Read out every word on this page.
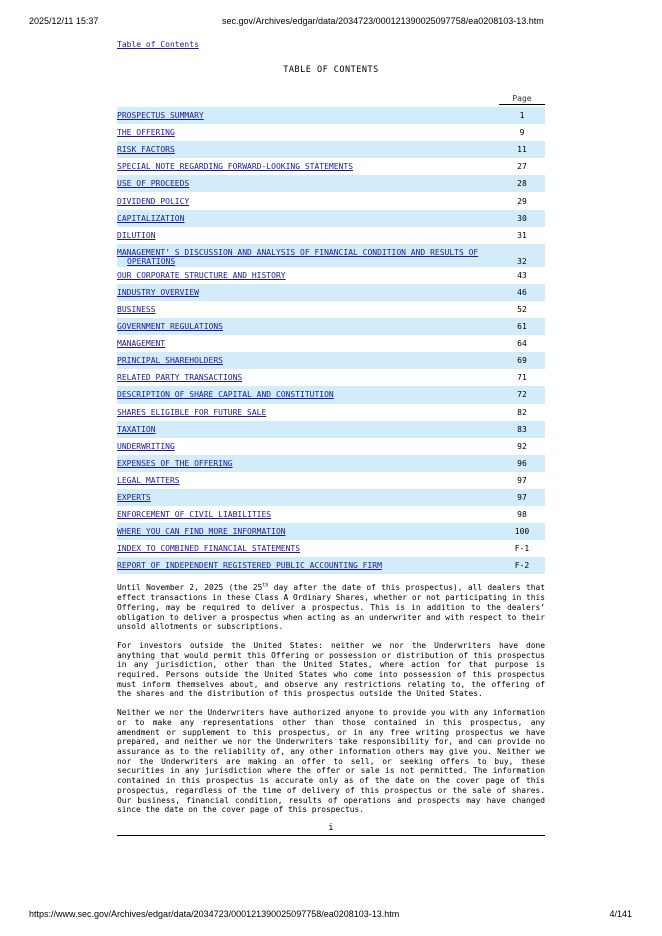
2025/12/11 15:37	sec.gov/Archives/edgar/data/2034723/000121390025097758/ea0208103-13.htm
Table of Contents
TABLE OF CONTENTS
	Page

PROSPECTUS SUMMARY	1
THE OFFERING	9
RISK FACTORS	11
SPECIAL NOTE REGARDING FORWARD-LOOKING STATEMENTS	27
USE OF PROCEEDS	28
DIVIDEND POLICY	29
CAPITALIZATION	30
DILUTION	31
MANAGEMENT’ S DISCUSSION AND ANALYSIS OF FINANCIAL CONDITION AND RESULTS OF
OPERATIONS	32
OUR CORPORATE STRUCTURE AND HISTORY	43
INDUSTRY OVERVIEW	46
BUSINESS	52
GOVERNMENT REGULATIONS	61
MANAGEMENT	64
PRINCIPAL SHAREHOLDERS	69
RELATED PARTY TRANSACTIONS	71
DESCRIPTION OF SHARE CAPITAL AND CONSTITUTION	72
SHARES ELIGIBLE FOR FUTURE SALE	82
TAXATION	83
UNDERWRITING	92
EXPENSES OF THE OFFERING	96
LEGAL MATTERS	97
EXPERTS	97
ENFORCEMENT OF CIVIL LIABILITIES	98
WHERE YOU CAN FIND MORE INFORMATION	100
INDEX TO COMBINED FINANCIAL STATEMENTS	F-1
REPORT OF INDEPENDENT REGISTERED PUBLIC ACCOUNTING FIRM	F-2

Until November 2, 2025 (the 25th day after the date of this prospectus), all dealers that effect transactions in these Class A Ordinary Shares, whether or not participating in this Offering, may be required to deliver a prospectus. This is in addition to the dealers’ obligation to deliver a prospectus when acting as an underwriter and with respect to their unsold allotments or subscriptions.

For investors outside the United States: neither we nor the Underwriters have done anything that would permit this Offering or possession or distribution of this prospectus in any jurisdiction, other than the United States, where action for that purpose is required. Persons outside the United States who come into possession of this prospectus must inform themselves about, and observe any restrictions relating to, the offering of the shares and the distribution of this prospectus outside the United States.

Neither we nor the Underwriters have authorized anyone to provide you with any information or to make any representations other than those contained in this prospectus, any amendment or supplement to this prospectus, or in any free writing prospectus we have prepared, and neither we nor the Underwriters take responsibility for, and can provide no assurance as to the reliability of, any other information others may give you. Neither we nor the Underwriters are making an offer to sell, or seeking offers to buy, these securities in any jurisdiction where the offer or sale is not permitted. The information contained in this prospectus is accurate only as of the date on the cover page of this prospectus, regardless of the time of delivery of this prospectus or the sale of shares. Our business, financial condition, results of operations and prospects may have changed since the date on the cover page of this prospectus.

i
https://www.sec.gov/Archives/edgar/data/2034723/000121390025097758/ea0208103-13.htm	4/141
